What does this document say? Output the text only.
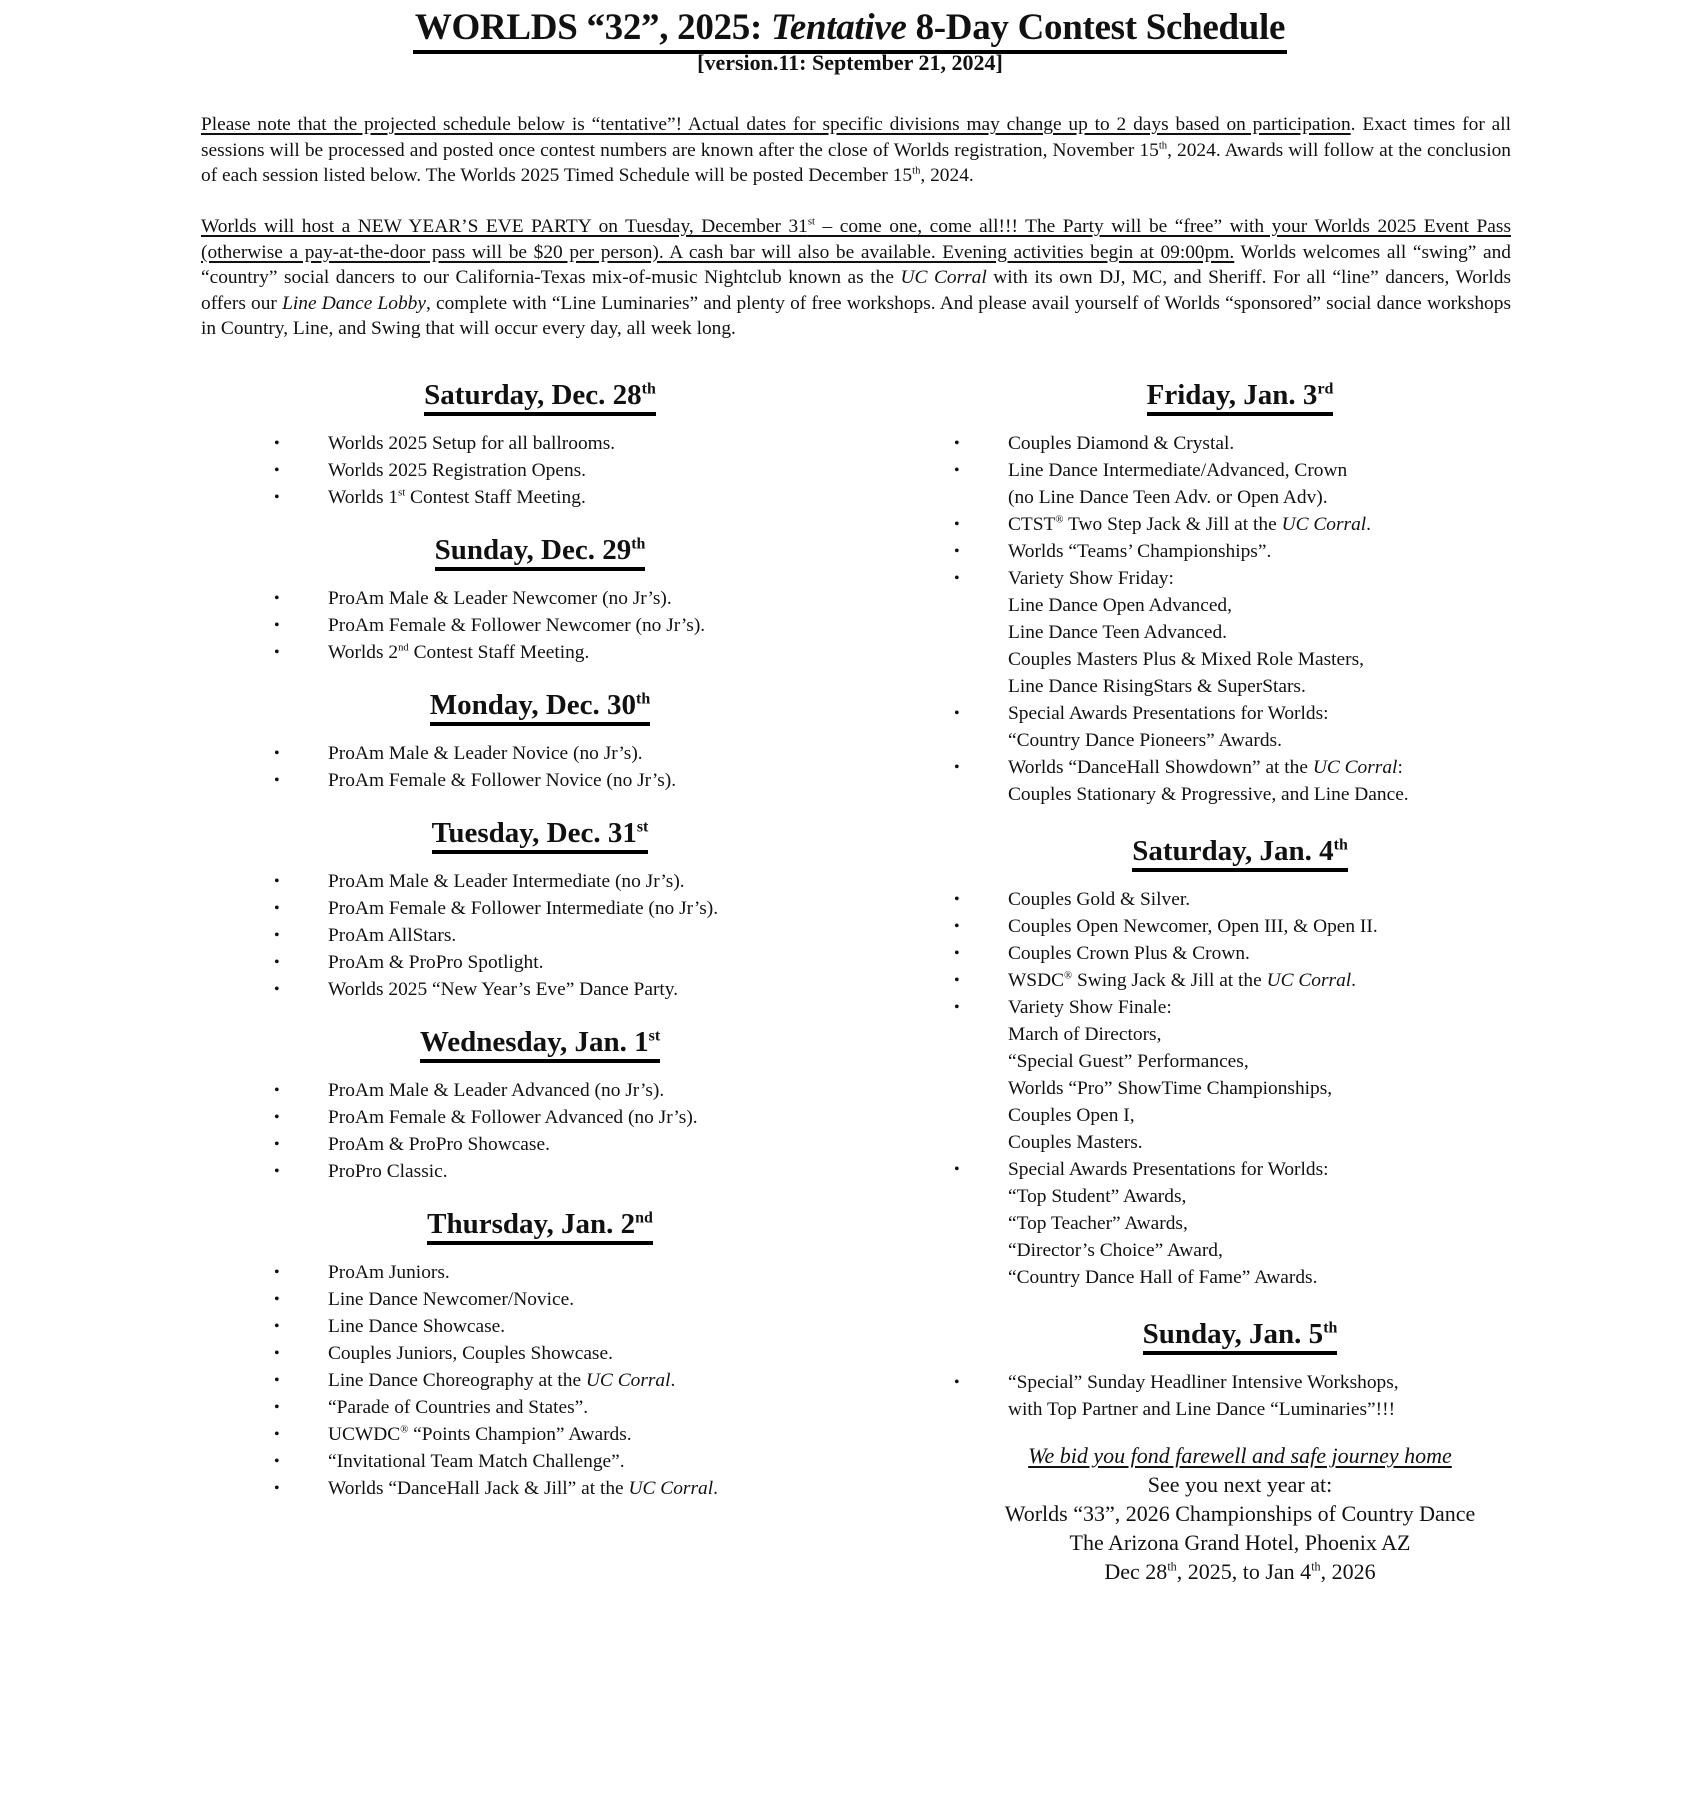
WORLDS “32”, 2025: Tentative 8-Day Contest Schedule
[version.11: September 21, 2024]

Please note that the projected schedule below is “tentative”! Actual dates for specific divisions may change up to 2 days based on participation. Exact times for all sessions will be processed and posted once contest numbers are known after the close of Worlds registration, November 15th, 2024. Awards will follow at the conclusion of each session listed below. The Worlds 2025 Timed Schedule will be posted December 15th, 2024.

Worlds will host a NEW YEAR’S EVE PARTY on Tuesday, December 31st – come one, come all!!! The Party will be “free” with your Worlds 2025 Event Pass (otherwise a pay-at-the-door pass will be $20 per person). A cash bar will also be available. Evening activities begin at 09:00pm. Worlds welcomes all “swing” and “country” social dancers to our California-Texas mix-of-music Nightclub known as the UC Corral with its own DJ, MC, and Sheriff. For all “line” dancers, Worlds offers our Line Dance Lobby, complete with “Line Luminaries” and plenty of free workshops. And please avail yourself of Worlds “sponsored” social dance workshops in Country, Line, and Swing that will occur every day, all week long.

Saturday, Dec. 28th
• Worlds 2025 Setup for all ballrooms.
• Worlds 2025 Registration Opens.
• Worlds 1st Contest Staff Meeting.
Sunday, Dec. 29th
• ProAm Male & Leader Newcomer (no Jr’s).
• ProAm Female & Follower Newcomer (no Jr’s).
• Worlds 2nd Contest Staff Meeting.
Monday, Dec. 30th
• ProAm Male & Leader Novice (no Jr’s).
• ProAm Female & Follower Novice (no Jr’s).
Tuesday, Dec. 31st
• ProAm Male & Leader Intermediate (no Jr’s).
• ProAm Female & Follower Intermediate (no Jr’s).
• ProAm AllStars.
• ProAm & ProPro Spotlight.
• Worlds 2025 “New Year’s Eve” Dance Party.
Wednesday, Jan. 1st
• ProAm Male & Leader Advanced (no Jr’s).
• ProAm Female & Follower Advanced (no Jr’s).
• ProAm & ProPro Showcase.
• ProPro Classic.
Thursday, Jan. 2nd
• ProAm Juniors.
• Line Dance Newcomer/Novice.
• Line Dance Showcase.
• Couples Juniors, Couples Showcase.
• Line Dance Choreography at the UC Corral.
• “Parade of Countries and States”.
• UCWDC® “Points Champion” Awards.
• “Invitational Team Match Challenge”.
• Worlds “DanceHall Jack & Jill” at the UC Corral.
Friday, Jan. 3rd
• Couples Diamond & Crystal.
• Line Dance Intermediate/Advanced, Crown
(no Line Dance Teen Adv. or Open Adv).
• CTST® Two Step Jack & Jill at the UC Corral.
• Worlds “Teams’ Championships”.
• Variety Show Friday:
Line Dance Open Advanced,
Line Dance Teen Advanced.
Couples Masters Plus & Mixed Role Masters,
Line Dance RisingStars & SuperStars.
• Special Awards Presentations for Worlds:
“Country Dance Pioneers” Awards.
• Worlds “DanceHall Showdown” at the UC Corral:
Couples Stationary & Progressive, and Line Dance.
Saturday, Jan. 4th
• Couples Gold & Silver.
• Couples Open Newcomer, Open III, & Open II.
• Couples Crown Plus & Crown.
• WSDC® Swing Jack & Jill at the UC Corral.
• Variety Show Finale:
March of Directors,
“Special Guest” Performances,
Worlds “Pro” ShowTime Championships,
Couples Open I,
Couples Masters.
• Special Awards Presentations for Worlds:
“Top Student” Awards,
“Top Teacher” Awards,
“Director’s Choice” Award,
“Country Dance Hall of Fame” Awards.
Sunday, Jan. 5th
• “Special” Sunday Headliner Intensive Workshops,
with Top Partner and Line Dance “Luminaries”!!!
We bid you fond farewell and safe journey home
See you next year at:
Worlds “33”, 2026 Championships of Country Dance
The Arizona Grand Hotel, Phoenix AZ
Dec 28th, 2025, to Jan 4th, 2026
